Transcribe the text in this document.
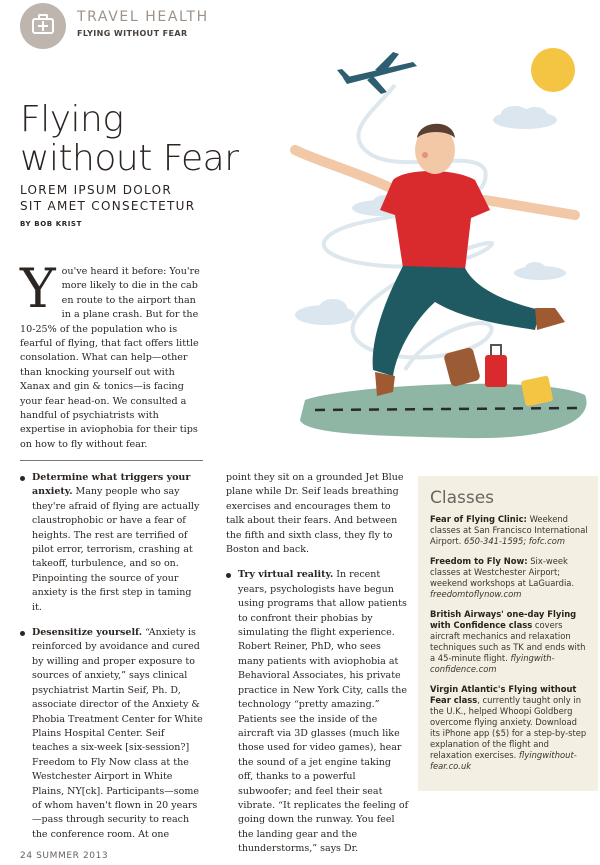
TRAVEL HEALTH
FLYING WITHOUT FEAR
Flying
without Fear
LOREM IPSUM DOLOR
SIT AMET CONSECTETUR
BY BOB KRIST
You've heard it before: You're more likely to die in the cab en route to the airport than in a plane crash. But for the 10-25% of the population who is fearful of flying, that fact offers little consolation. What can help—other than knocking yourself out with Xanax and gin & tonics—is facing your fear head-on. We consulted a handful of psychiatrists with expertise in aviophobia for their tips on how to fly without fear.

Determine what triggers your anxiety. Many people who say they're afraid of flying are actually claustrophobic or have a fear of heights. The rest are terrified of pilot error, terrorism, crashing at takeoff, turbulence, and so on. Pinpointing the source of your anxiety is the first step in taming it.

Desensitize yourself. “Anxiety is reinforced by avoidance and cured by willing and proper exposure to sources of anxiety,” says clinical psychiatrist Martin Seif, Ph. D, associate director of the Anxiety & Phobia Treatment Center for White Plains Hospital Center. Seif teaches a six-week [six-session?] Freedom to Fly Now class at the Westchester Airport in White Plains, NY[ck]. Participants—some of whom haven't flown in 20 years—pass through security to reach the conference room. At one

point they sit on a grounded Jet Blue plane while Dr. Seif leads breathing exercises and encourages them to talk about their fears. And between the fifth and sixth class, they fly to Boston and back.

Try virtual reality. In recent years, psychologists have begun using programs that allow patients to confront their phobias by simulating the flight experience. Robert Reiner, PhD, who sees many patients with aviophobia at Behavioral Associates, his private practice in New York City, calls the technology “pretty amazing.” Patients see the inside of the aircraft via 3D glasses (much like those used for video games), hear the sound of a jet engine taking off, thanks to a powerful subwoofer; and feel their seat vibrate. “It replicates the feeling of going down the runway. You feel the landing gear and the thunderstorms,” says Dr.

Classes
Fear of Flying Clinic: Weekend classes at San Francisco International Airport. 650-341-1595; fofc.com
Freedom to Fly Now: Six-week classes at Westchester Airport; weekend workshops at LaGuardia. freedomtoflynow.com
British Airways' one-day Flying with Confidence class covers aircraft mechanics and relaxation techniques such as TK and ends with a 45-minute flight. flyingwith-confidence.com
Virgin Atlantic's Flying without Fear class, currently taught only in the U.K., helped Whoopi Goldberg overcome flying anxiety. Download its iPhone app ($5) for a step-by-step explanation of the flight and relaxation exercises. flyingwithout-fear.co.uk
24 SUMMER 2013
